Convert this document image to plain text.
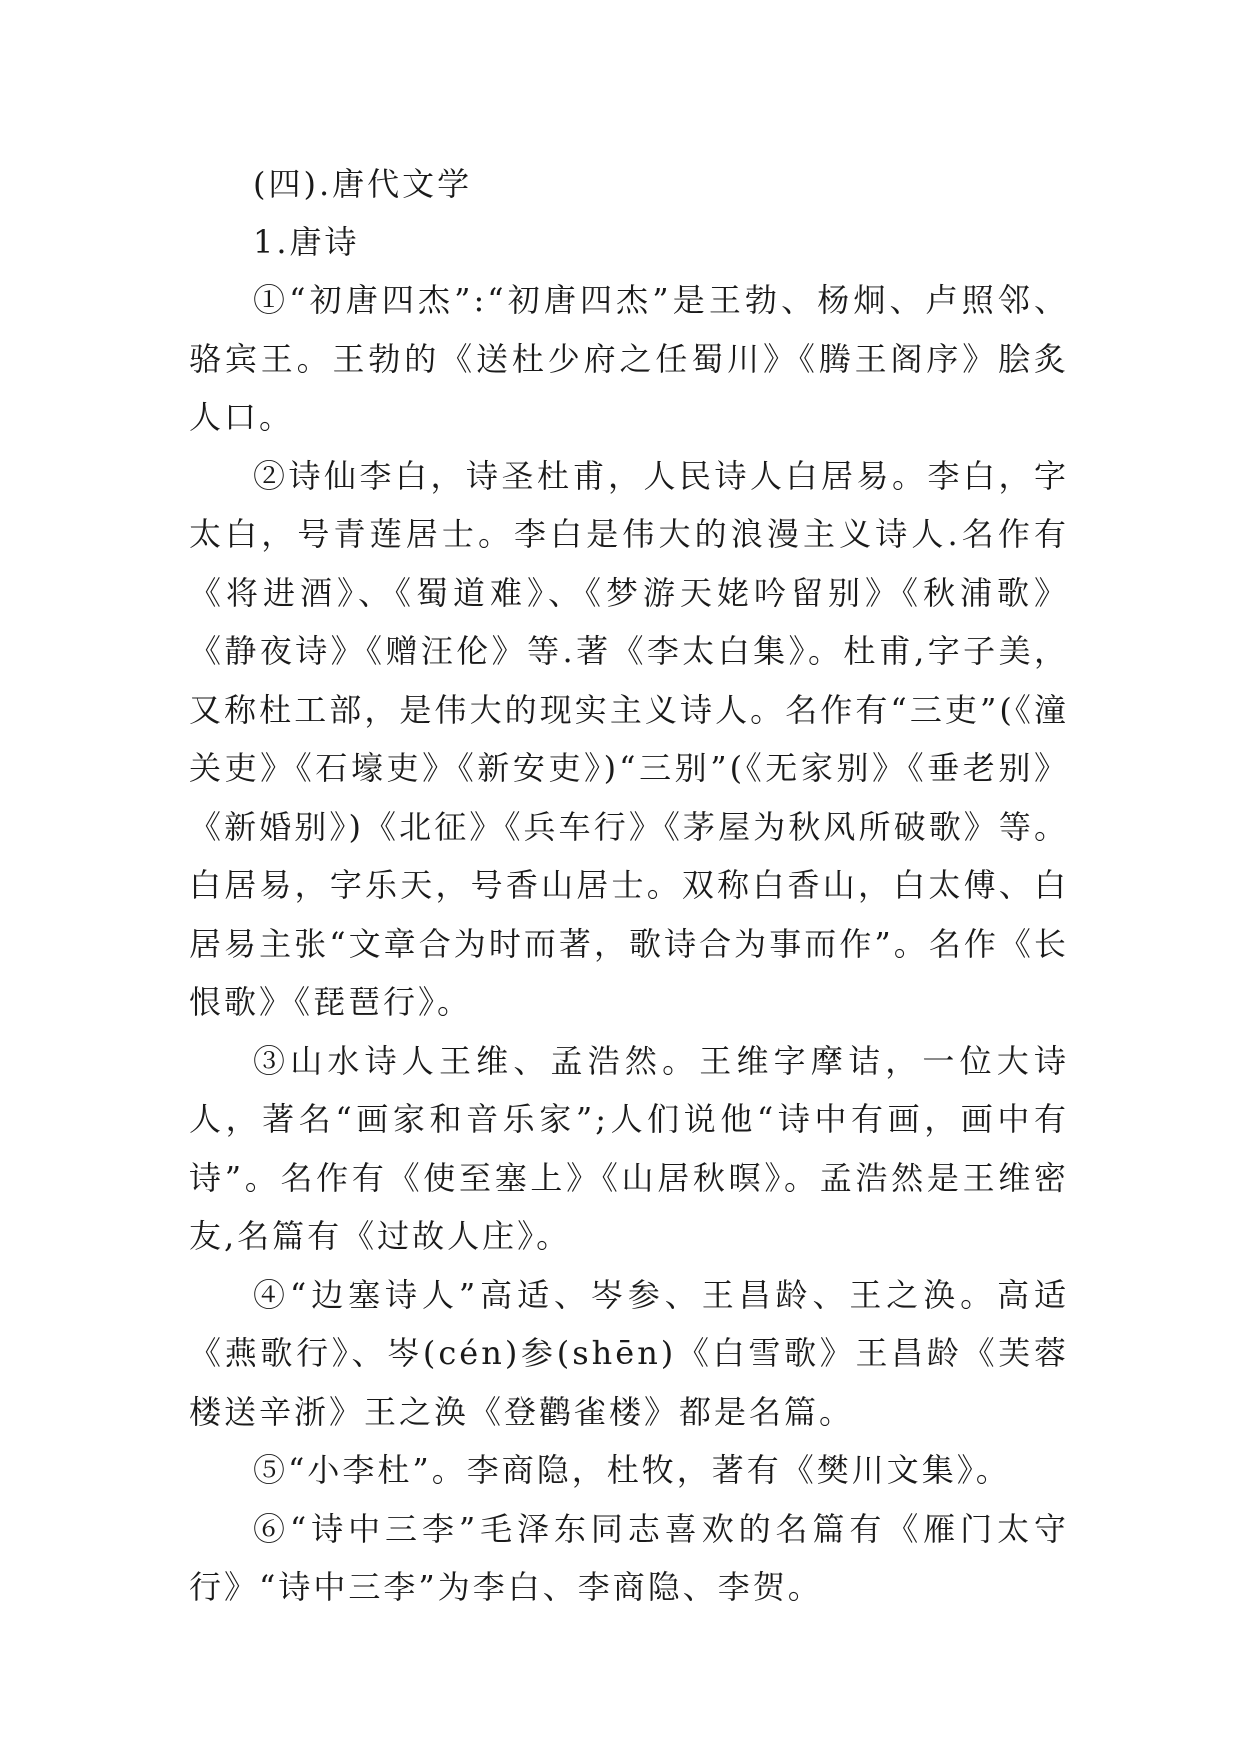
(四).唐代文学
1.唐诗

①“初唐四杰”:“初唐四杰”是王勃、杨炯、卢照邻、骆宾王。王勃的《送杜少府之任蜀川》《腾王阁序》脍炙人口。

②诗仙李白，诗圣杜甫，人民诗人白居易。李白，字太白，号青莲居士。李白是伟大的浪漫主义诗人.名作有《将进酒》、《蜀道难》、《梦游天姥吟留别》《秋浦歌》《静夜诗》《赠汪伦》等.著《李太白集》。杜甫,字子美，又称杜工部，是伟大的现实主义诗人。名作有“三吏”(《潼关吏》《石壕吏》《新安吏》)“三别”(《无家别》《垂老别》《新婚别》)《北征》《兵车行》《茅屋为秋风所破歌》等。白居易，字乐天，号香山居士。双称白香山，白太傅、白居易主张“文章合为时而著，歌诗合为事而作”。名作《长恨歌》《琵琶行》。

③山水诗人王维、孟浩然。王维字摩诘，一位大诗人，著名“画家和音乐家”;人们说他“诗中有画，画中有诗”。名作有《使至塞上》《山居秋暝》。孟浩然是王维密友,名篇有《过故人庄》。

④“边塞诗人”高适、岑参、王昌龄、王之涣。高适《燕歌行》、岑(cén)参(shēn)《白雪歌》王昌龄《芙蓉楼送辛浙》王之涣《登鹳雀楼》都是名篇。

⑤“小李杜”。李商隐，杜牧，著有《樊川文集》。

⑥“诗中三李”毛泽东同志喜欢的名篇有《雁门太守行》“诗中三李”为李白、李商隐、李贺。
